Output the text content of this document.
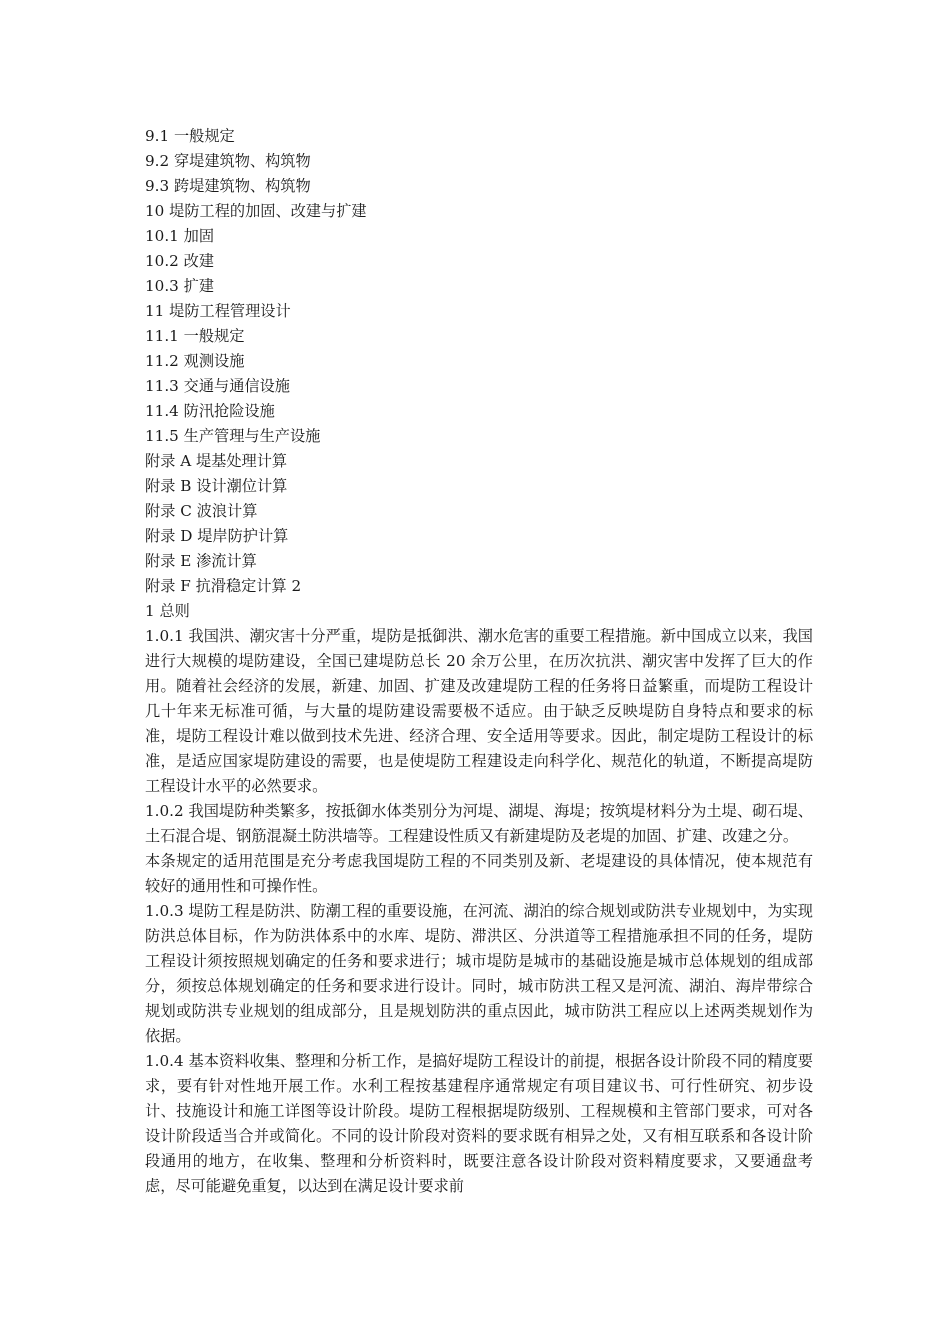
9.1 一般规定
9.2 穿堤建筑物、构筑物
9.3 跨堤建筑物、构筑物
10 堤防工程的加固、改建与扩建
10.1 加固
10.2 改建
10.3 扩建
11 堤防工程管理设计
11.1 一般规定
11.2 观测设施
11.3 交通与通信设施
11.4 防汛抢险设施
11.5 生产管理与生产设施
附录 A 堤基处理计算
附录 B 设计潮位计算
附录 C 波浪计算
附录 D 堤岸防护计算
附录 E 渗流计算
附录 F 抗滑稳定计算 2
1 总则
1.0.1 我国洪、潮灾害十分严重，堤防是抵御洪、潮水危害的重要工程措施。新中国成立以来，我国进行大规模的堤防建设，全国已建堤防总长 20 余万公里，在历次抗洪、潮灾害中发挥了巨大的作用。随着社会经济的发展，新建、加固、扩建及改建堤防工程的任务将日益繁重，而堤防工程设计几十年来无标准可循，与大量的堤防建设需要极不适应。由于缺乏反映堤防自身特点和要求的标准，堤防工程设计难以做到技术先进、经济合理、安全适用等要求。因此，制定堤防工程设计的标准，是适应国家堤防建设的需要，也是使堤防工程建设走向科学化、规范化的轨道，不断提高堤防工程设计水平的必然要求。
1.0.2 我国堤防种类繁多，按抵御水体类别分为河堤、湖堤、海堤；按筑堤材料分为土堤、砌石堤、土石混合堤、钢筋混凝土防洪墙等。工程建设性质又有新建堤防及老堤的加固、扩建、改建之分。
本条规定的适用范围是充分考虑我国堤防工程的不同类别及新、老堤建设的具体情况，使本规范有较好的通用性和可操作性。
1.0.3 堤防工程是防洪、防潮工程的重要设施，在河流、湖泊的综合规划或防洪专业规划中，为实现防洪总体目标，作为防洪体系中的水库、堤防、滞洪区、分洪道等工程措施承担不同的任务，堤防工程设计须按照规划确定的任务和要求进行；城市堤防是城市的基础设施是城市总体规划的组成部分，须按总体规划确定的任务和要求进行设计。同时，城市防洪工程又是河流、湖泊、海岸带综合规划或防洪专业规划的组成部分，且是规划防洪的重点因此，城市防洪工程应以上述两类规划作为依据。
1.0.4 基本资料收集、整理和分析工作，是搞好堤防工程设计的前提，根据各设计阶段不同的精度要求，要有针对性地开展工作。水利工程按基建程序通常规定有项目建议书、可行性研究、初步设计、技施设计和施工详图等设计阶段。堤防工程根据堤防级别、工程规模和主管部门要求，可对各设计阶段适当合并或简化。不同的设计阶段对资料的要求既有相异之处，又有相互联系和各设计阶段通用的地方，在收集、整理和分析资料时，既要注意各设计阶段对资料精度要求，又要通盘考虑，尽可能避免重复，以达到在满足设计要求前
